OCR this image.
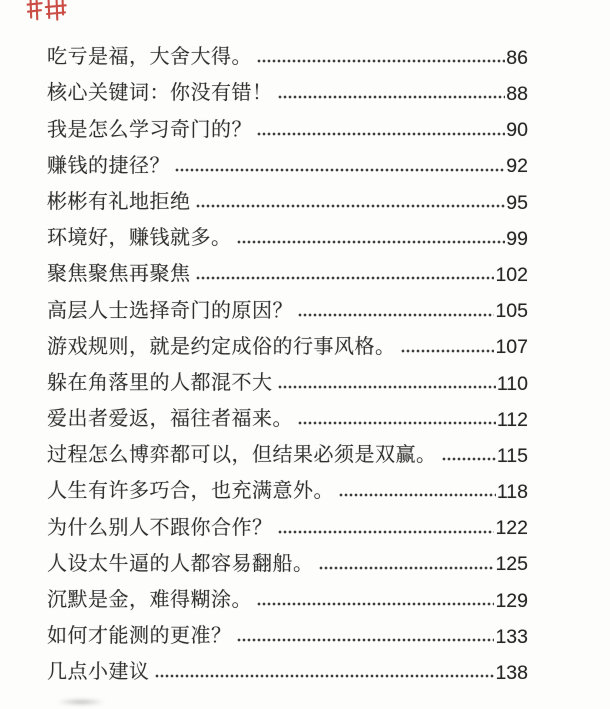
吃亏是福，大舍大得。	86
核心关键词：你没有错！	88
我是怎么学习奇门的？	90
赚钱的捷径？	92
彬彬有礼地拒绝	95
环境好，赚钱就多。	99
聚焦聚焦再聚焦	102
高层人士选择奇门的原因？	105
游戏规则，就是约定成俗的行事风格。	107
躲在角落里的人都混不大	110
爱出者爱返，福往者福来。	112
过程怎么博弈都可以，但结果必须是双赢。	115
人生有许多巧合，也充满意外。	118
为什么别人不跟你合作？	122
人设太牛逼的人都容易翻船。	125
沉默是金，难得糊涂。	129
如何才能测的更准？	133
几点小建议	138
